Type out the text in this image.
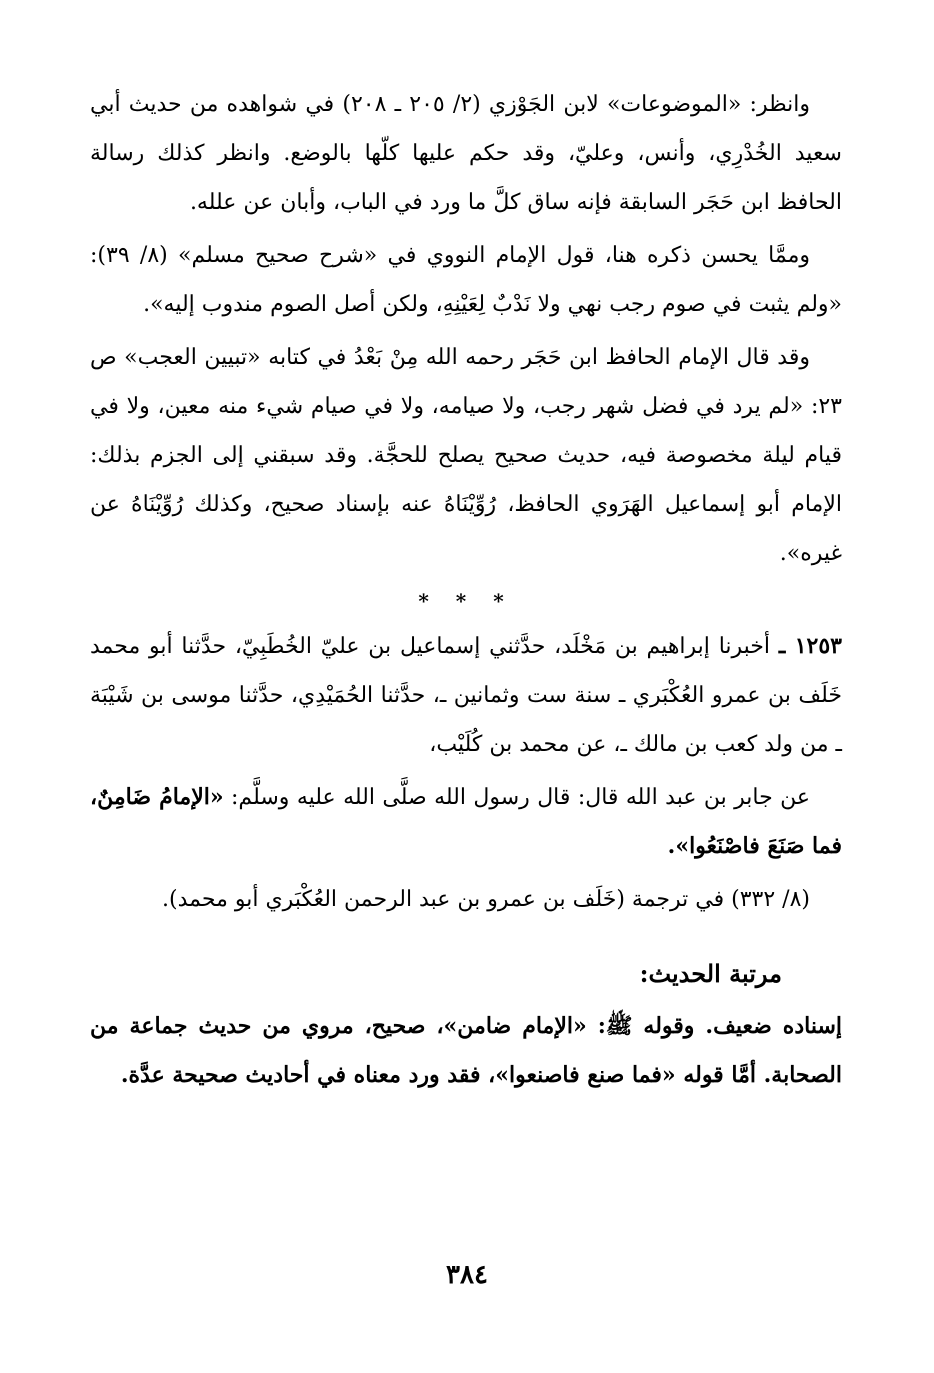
وانظر: «الموضوعات» لابن الجَوْزي (٢/ ٢٠٥ ـ ٢٠٨) في شواهده من حديث أبي سعيد الخُدْرِي، وأنس، وعليّ، وقد حكم عليها كلّها بالوضع. وانظر كذلك رسالة الحافظ ابن حَجَر السابقة فإنه ساق كلَّ ما ورد في الباب، وأبان عن علله.

وممَّا يحسن ذكره هنا، قول الإمام النووي في «شرح صحيح مسلم» (٨/ ٣٩): «ولم يثبت في صوم رجب نهي ولا نَدْبٌ لِعَيْنِهِ، ولكن أصل الصوم مندوب إليه».

وقد قال الإمام الحافظ ابن حَجَر رحمه الله مِنْ بَعْدُ في كتابه «تبيين العجب» ص ٢٣: «لم يرد في فضل شهر رجب، ولا صيامه، ولا في صيام شيء منه معين، ولا في قيام ليلة مخصوصة فيه، حديث صحيح يصلح للحجَّة. وقد سبقني إلى الجزم بذلك: الإمام أبو إسماعيل الهَرَوي الحافظ، رُوِّيْنَاهُ عنه بإسناد صحيح، وكذلك رُوِّيْنَاهُ عن غيره».

* * *

١٢٥٣ ـ أخبرنا إبراهيم بن مَخْلَد، حدَّثني إسماعيل بن عليّ الخُطَبِيّ، حدَّثنا أبو محمد خَلَف بن عمرو العُكْبَري ـ سنة ست وثمانين ـ، حدَّثنا الحُمَيْدِي، حدَّثنا موسى بن شَيْبَة ـ من ولد كعب بن مالك ـ، عن محمد بن كُلَيْب،

عن جابر بن عبد الله قال: قال رسول الله صلَّى الله عليه وسلَّم: «الإمامُ ضَامِنٌ، فما صَنَعَ فاصْنَعُوا».

(٨/ ٣٣٢) في ترجمة (خَلَف بن عمرو بن عبد الرحمن العُكْبَري أبو محمد).

مرتبة الحديث:

إسناده ضعيف. وقوله ﷺ: «الإمام ضامن»، صحيح، مروي من حديث جماعة من الصحابة. أمَّا قوله «فما صنع فاصنعوا»، فقد ورد معناه في أحاديث صحيحة عدَّة.

٣٨٤
